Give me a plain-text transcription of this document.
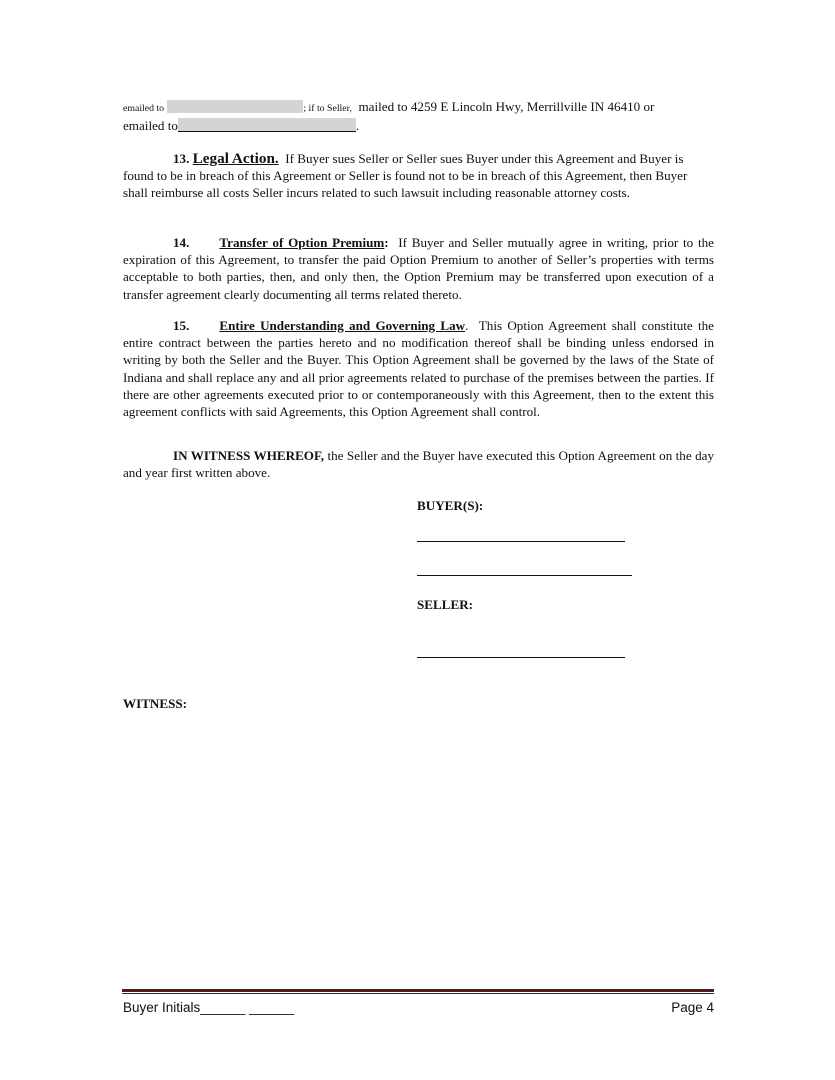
emailed to	; if to Seller, mailed to 4259 E Lincoln Hwy, Merrillville IN 46410 or
emailed to	.

13. Legal Action. If Buyer sues Seller or Seller sues Buyer under this Agreement and Buyer is found to be in breach of this Agreement or Seller is found not to be in breach of this Agreement, then Buyer shall reimburse all costs Seller incurs related to such lawsuit including reasonable attorney costs.

14. Transfer of Option Premium: If Buyer and Seller mutually agree in writing, prior to the expiration of this Agreement, to transfer the paid Option Premium to another of Seller’s properties with terms acceptable to both parties, then, and only then, the Option Premium may be transferred upon execution of a transfer agreement clearly documenting all terms related thereto.

15. Entire Understanding and Governing Law. This Option Agreement shall constitute the entire contract between the parties hereto and no modification thereof shall be binding unless endorsed in writing by both the Seller and the Buyer. This Option Agreement shall be governed by the laws of the State of Indiana and shall replace any and all prior agreements related to purchase of the premises between the parties. If there are other agreements executed prior to or contemporaneously with this Agreement, then to the extent this agreement conflicts with said Agreements, this Option Agreement shall control.

IN WITNESS WHEREOF, the Seller and the Buyer have executed this Option Agreement on the day and year first written above.

BUYER(S):
SELLER:
WITNESS:
Buyer Initials______ ______	Page 4
